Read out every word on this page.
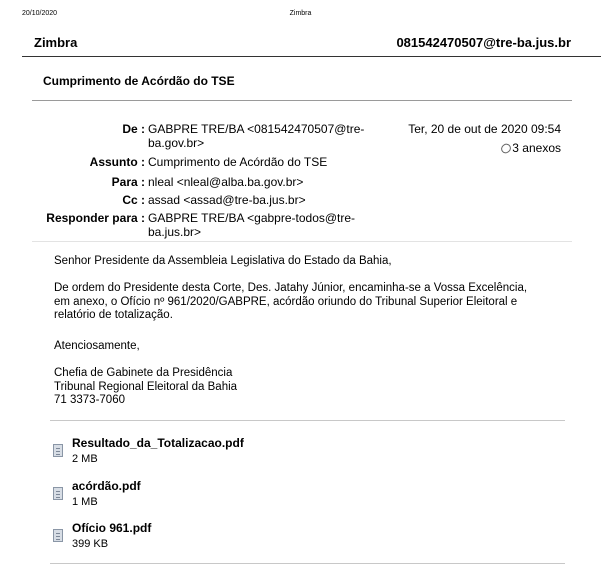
20/10/2020	Zimbra
Zimbra	081542470507@tre-ba.jus.br
Cumprimento de Acórdão do TSE
De : GABPRE TRE/BA <081542470507@tre-
ba.gov.br>
Ter, 20 de out de 2020 09:54
3 anexos
Assunto : Cumprimento de Acórdão do TSE
Para : nleal <nleal@alba.ba.gov.br>
Cc : assad <assad@tre-ba.jus.br>
Responder para : GABPRE TRE/BA <gabpre-todos@tre-
ba.jus.br>
Senhor Presidente da Assembleia Legislativa do Estado da Bahia,
De ordem do Presidente desta Corte, Des. Jatahy Júnior, encaminha-se a Vossa Excelência,
em anexo, o Ofício nº 961/2020/GABPRE, acórdão oriundo do Tribunal Superior Eleitoral e
relatório de totalização.
Atenciosamente,
Chefia de Gabinete da Presidência
Tribunal Regional Eleitoral da Bahia
71 3373-7060
Resultado_da_Totalizacao.pdf
2 MB
acórdão.pdf
1 MB
Ofício 961.pdf
399 KB
